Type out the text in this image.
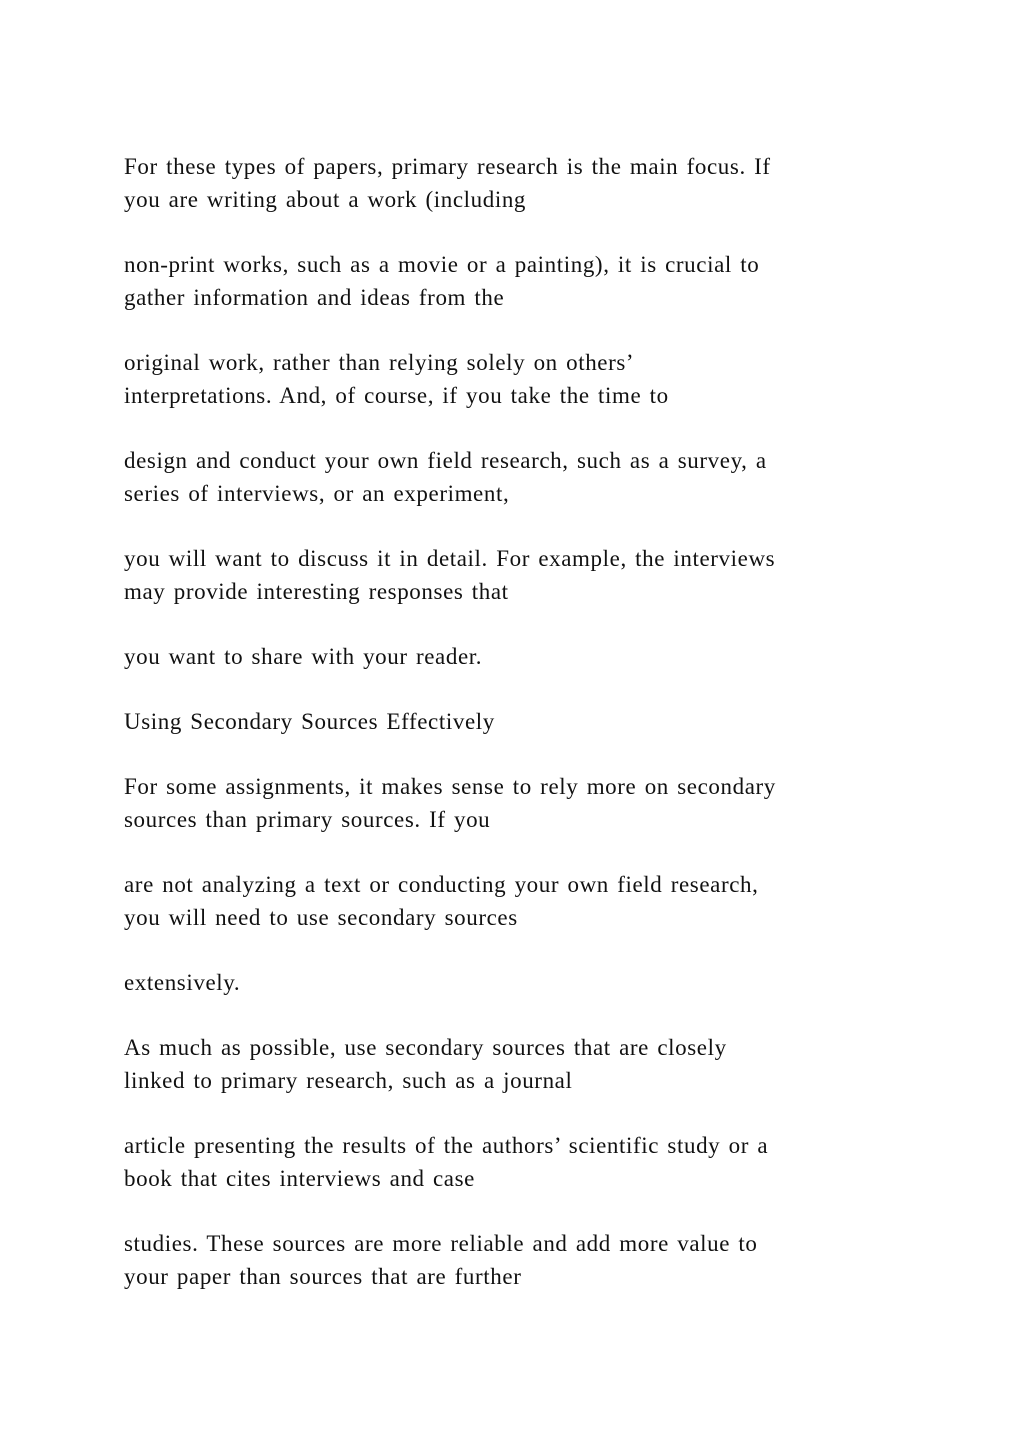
For these types of papers, primary research is the main focus. If
you are writing about a work (including

non-print works, such as a movie or a painting), it is crucial to
gather information and ideas from the

original work, rather than relying solely on others’
interpretations. And, of course, if you take the time to

design and conduct your own field research, such as a survey, a
series of interviews, or an experiment,

you will want to discuss it in detail. For example, the interviews
may provide interesting responses that

you want to share with your reader.

Using Secondary Sources Effectively

For some assignments, it makes sense to rely more on secondary
sources than primary sources. If you

are not analyzing a text or conducting your own field research,
you will need to use secondary sources

extensively.

As much as possible, use secondary sources that are closely
linked to primary research, such as a journal

article presenting the results of the authors’ scientific study or a
book that cites interviews and case

studies. These sources are more reliable and add more value to
your paper than sources that are further
